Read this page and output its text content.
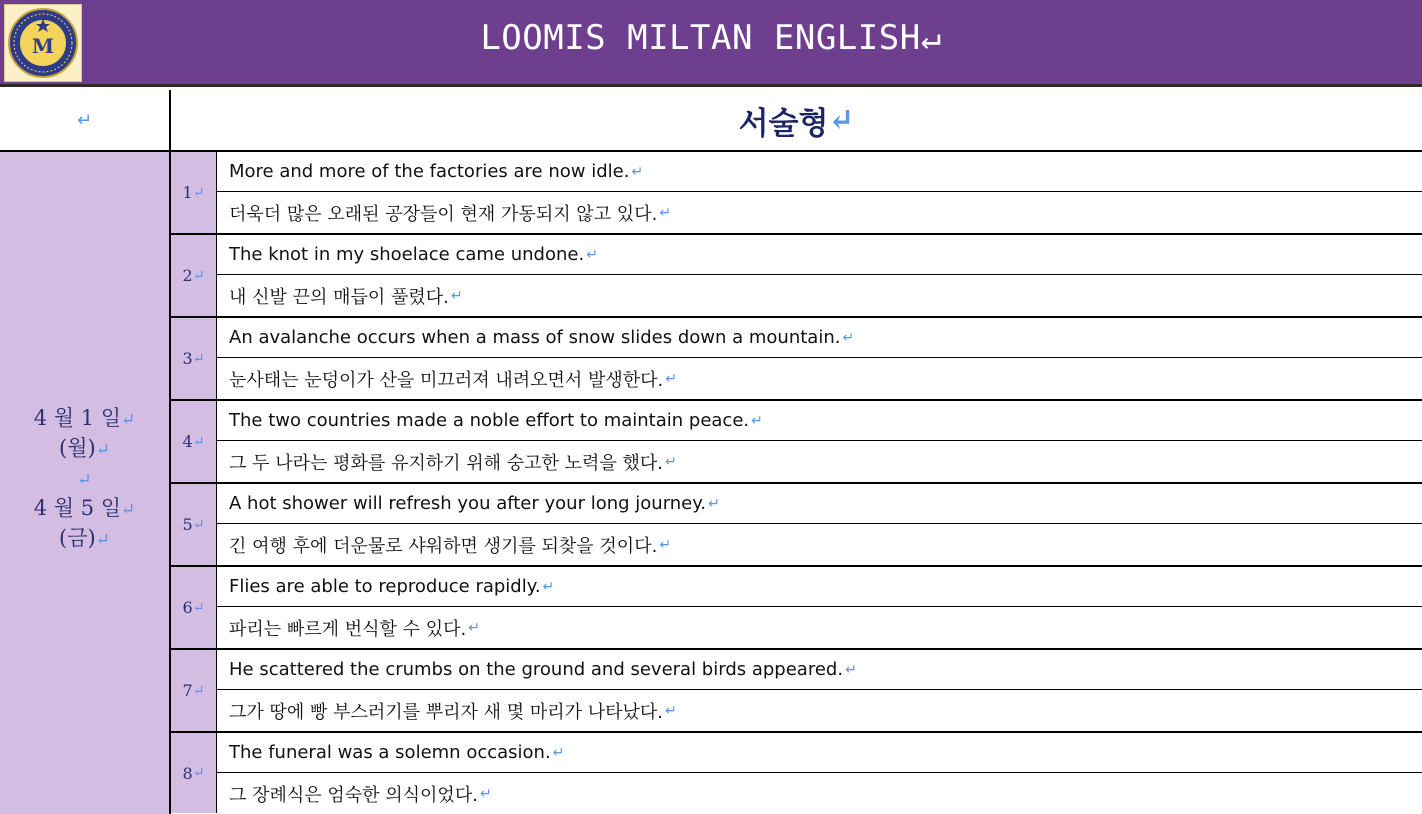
M	LOOMIS MILTAN ENGLISH↵
↵	서술형 ↵
4 월 1 일↵
(월)↵
↵
4 월 5 일↵
(금)↵
1 ↵
More and more of the factories are now idle. ↵
더욱더 많은 오래된 공장들이 현재 가동되지 않고 있다. ↵
2 ↵
The knot in my shoelace came undone. ↵
내 신발 끈의 매듭이 풀렸다. ↵
3 ↵
An avalanche occurs when a mass of snow slides down a mountain. ↵
눈사태는 눈덩이가 산을 미끄러져 내려오면서 발생한다. ↵
4 ↵
The two countries made a noble effort to maintain peace. ↵
그 두 나라는 평화를 유지하기 위해 숭고한 노력을 했다. ↵
5 ↵
A hot shower will refresh you after your long journey. ↵
긴 여행 후에 더운물로 샤워하면 생기를 되찾을 것이다. ↵
6 ↵
Flies are able to reproduce rapidly. ↵
파리는 빠르게 번식할 수 있다. ↵
7 ↵
He scattered the crumbs on the ground and several birds appeared. ↵
그가 땅에 빵 부스러기를 뿌리자 새 몇 마리가 나타났다. ↵
8 ↵
The funeral was a solemn occasion. ↵
그 장례식은 엄숙한 의식이었다. ↵
